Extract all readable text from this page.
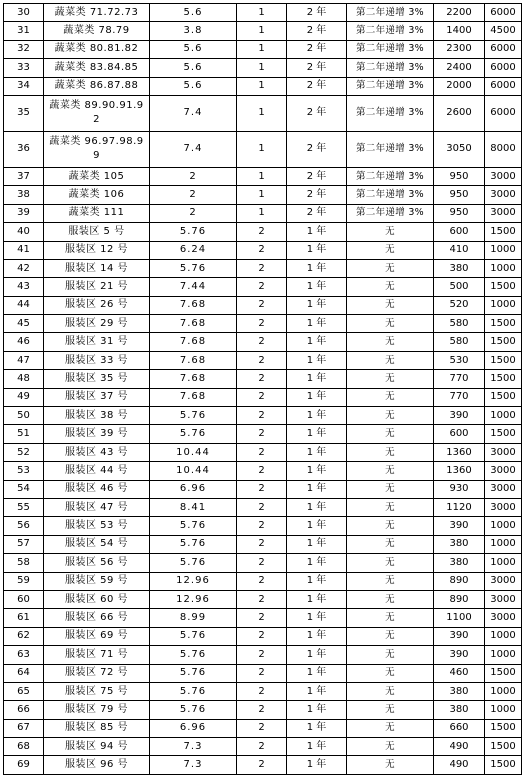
30	蔬菜类 71.72.73	5.6	1	2 年	第二年递增 3%	2200	6000
31	蔬菜类 78.79	3.8	1	2 年	第二年递增 3%	1400	4500
32	蔬菜类 80.81.82	5.6	1	2 年	第二年递增 3%	2300	6000
33	蔬菜类 83.84.85	5.6	1	2 年	第二年递增 3%	2400	6000
34	蔬菜类 86.87.88	5.6	1	2 年	第二年递增 3%	2000	6000
35	蔬菜类 89.90.91.92	7.4	1	2 年	第二年递增 3%	2600	6000
36	蔬菜类 96.97.98.99	7.4	1	2 年	第二年递增 3%	3050	8000
37	蔬菜类 105	2	1	2 年	第二年递增 3%	950	3000
38	蔬菜类 106	2	1	2 年	第二年递增 3%	950	3000
39	蔬菜类 111	2	1	2 年	第二年递增 3%	950	3000
40	服装区 5 号	5.76	2	1 年	无	600	1500
41	服装区 12 号	6.24	2	1 年	无	410	1000
42	服装区 14 号	5.76	2	1 年	无	380	1000
43	服装区 21 号	7.44	2	1 年	无	500	1500
44	服装区 26 号	7.68	2	1 年	无	520	1000
45	服装区 29 号	7.68	2	1 年	无	580	1500
46	服装区 31 号	7.68	2	1 年	无	580	1500
47	服装区 33 号	7.68	2	1 年	无	530	1500
48	服装区 35 号	7.68	2	1 年	无	770	1500
49	服装区 37 号	7.68	2	1 年	无	770	1500
50	服装区 38 号	5.76	2	1 年	无	390	1000
51	服装区 39 号	5.76	2	1 年	无	600	1500
52	服装区 43 号	10.44	2	1 年	无	1360	3000
53	服装区 44 号	10.44	2	1 年	无	1360	3000
54	服装区 46 号	6.96	2	1 年	无	930	3000
55	服装区 47 号	8.41	2	1 年	无	1120	3000
56	服装区 53 号	5.76	2	1 年	无	390	1000
57	服装区 54 号	5.76	2	1 年	无	380	1000
58	服装区 56 号	5.76	2	1 年	无	380	1000
59	服装区 59 号	12.96	2	1 年	无	890	3000
60	服装区 60 号	12.96	2	1 年	无	890	3000
61	服装区 66 号	8.99	2	1 年	无	1100	3000
62	服装区 69 号	5.76	2	1 年	无	390	1000
63	服装区 71 号	5.76	2	1 年	无	390	1000
64	服装区 72 号	5.76	2	1 年	无	460	1500
65	服装区 75 号	5.76	2	1 年	无	380	1000
66	服装区 79 号	5.76	2	1 年	无	380	1000
67	服装区 85 号	6.96	2	1 年	无	660	1500
68	服装区 94 号	7.3	2	1 年	无	490	1500
69	服装区 96 号	7.3	2	1 年	无	490	1500
